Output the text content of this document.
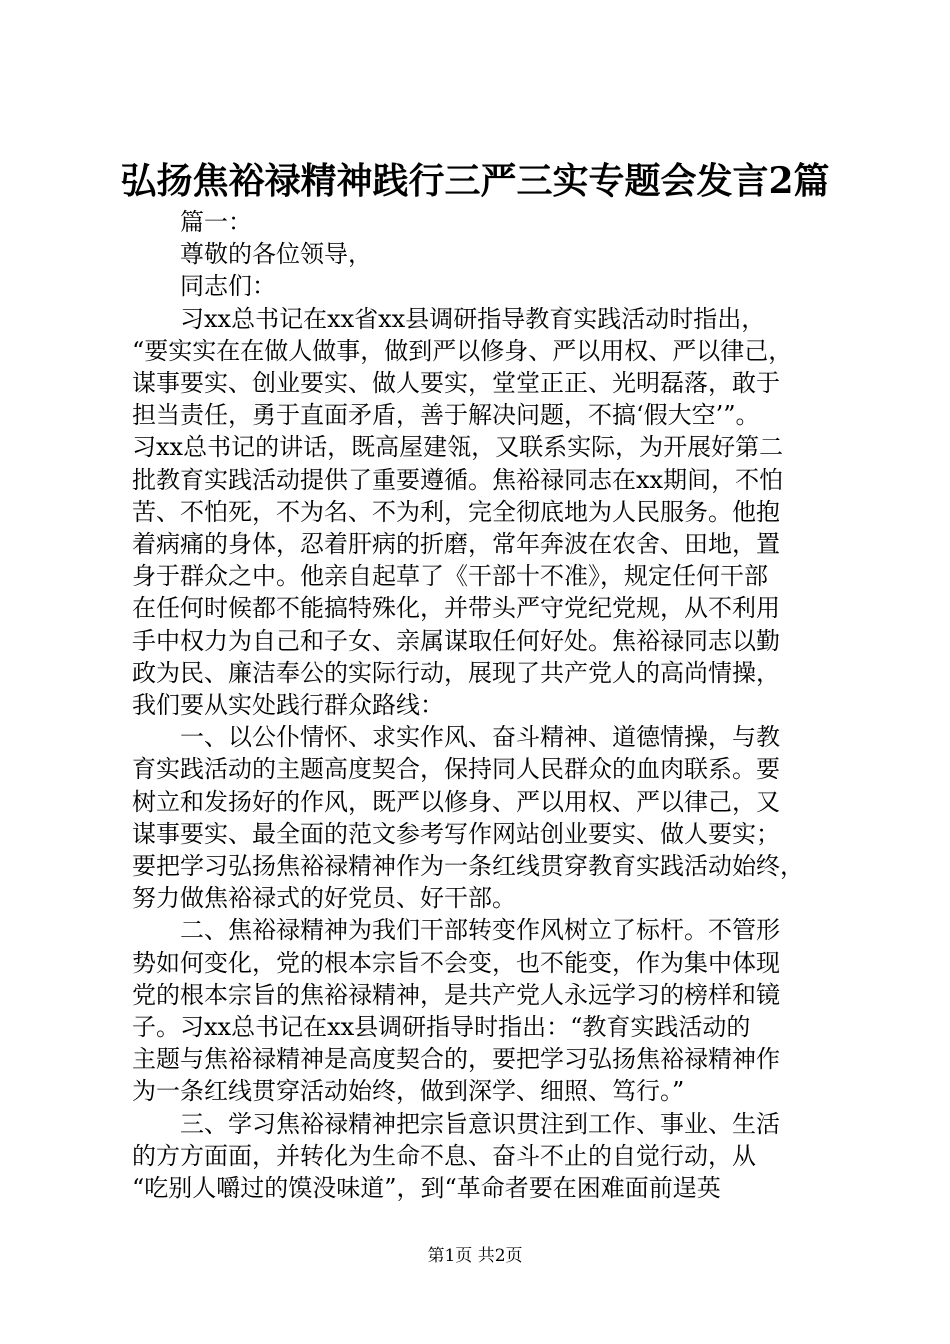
弘扬焦裕禄精神践行三严三实专题会发言2篇
篇一：
尊敬的各位领导，
同志们：
习xx总书记在xx省xx县调研指导教育实践活动时指出，
“要实实在在做人做事，做到严以修身、严以用权、严以律己，
谋事要实、创业要实、做人要实，堂堂正正、光明磊落，敢于
担当责任，勇于直面矛盾，善于解决问题，不搞‘假大空’”。
习xx总书记的讲话，既高屋建瓴，又联系实际，为开展好第二
批教育实践活动提供了重要遵循。焦裕禄同志在xx期间，不怕
苦、不怕死，不为名、不为利，完全彻底地为人民服务。他抱
着病痛的身体，忍着肝病的折磨，常年奔波在农舍、田地，置
身于群众之中。他亲自起草了《干部十不准》，规定任何干部
在任何时候都不能搞特殊化，并带头严守党纪党规，从不利用
手中权力为自己和子女、亲属谋取任何好处。焦裕禄同志以勤
政为民、廉洁奉公的实际行动，展现了共产党人的高尚情操，
我们要从实处践行群众路线：
一、以公仆情怀、求实作风、奋斗精神、道德情操，与教
育实践活动的主题高度契合，保持同人民群众的血肉联系。要
树立和发扬好的作风，既严以修身、严以用权、严以律己，又
谋事要实、最全面的范文参考写作网站创业要实、做人要实；
要把学习弘扬焦裕禄精神作为一条红线贯穿教育实践活动始终，
努力做焦裕禄式的好党员、好干部。
二、焦裕禄精神为我们干部转变作风树立了标杆。不管形
势如何变化，党的根本宗旨不会变，也不能变，作为集中体现
党的根本宗旨的焦裕禄精神，是共产党人永远学习的榜样和镜
子。习xx总书记在xx县调研指导时指出：“教育实践活动的
主题与焦裕禄精神是高度契合的，要把学习弘扬焦裕禄精神作
为一条红线贯穿活动始终，做到深学、细照、笃行。”
三、学习焦裕禄精神把宗旨意识贯注到工作、事业、生活
的方方面面，并转化为生命不息、奋斗不止的自觉行动，从
“吃别人嚼过的馍没味道”，到“革命者要在困难面前逞英
第1页 共2页
